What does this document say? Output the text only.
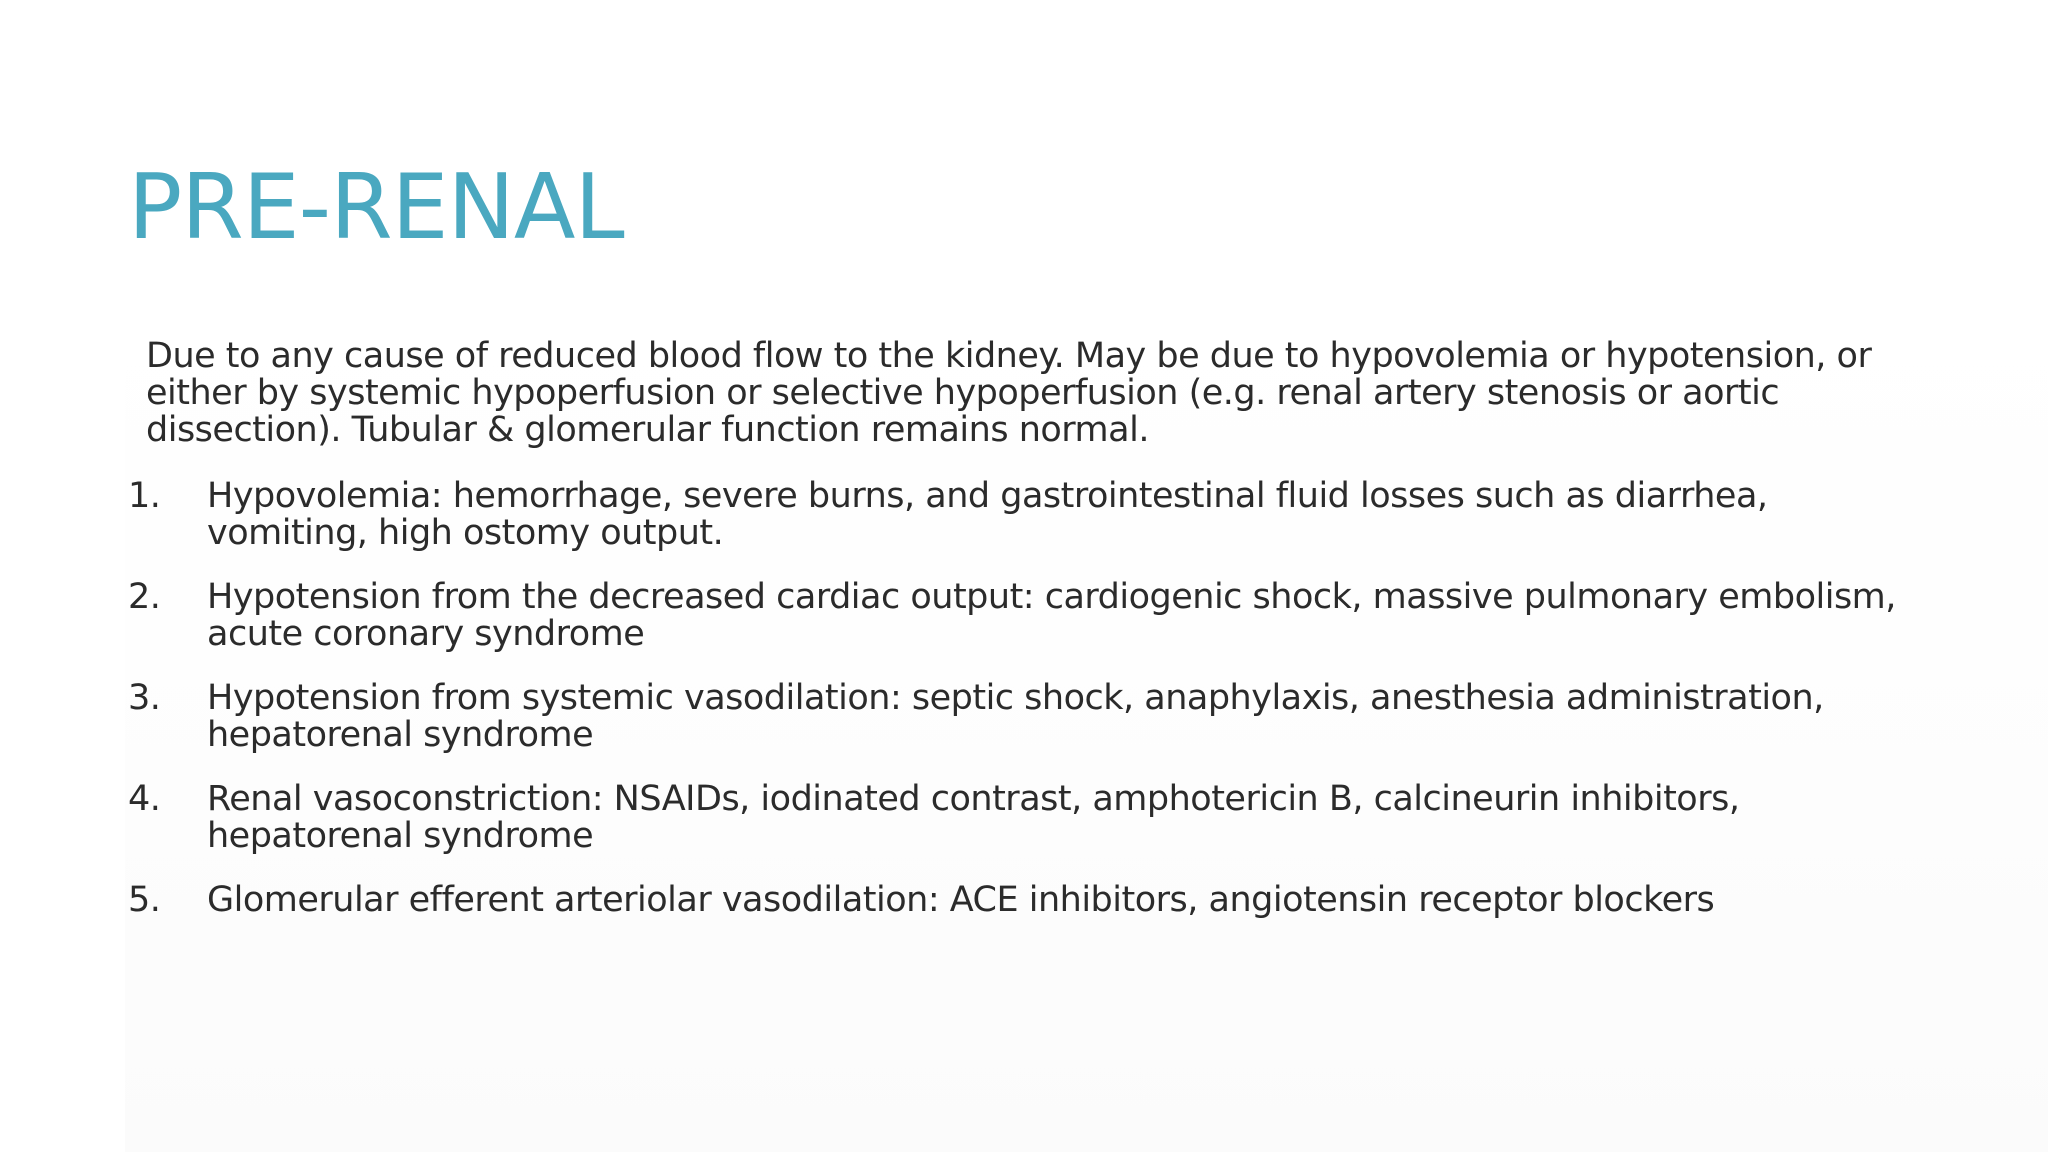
PRE-RENAL

Due to any cause of reduced blood flow to the kidney. May be due to hypovolemia or hypotension, or either by systemic hypoperfusion or selective hypoperfusion (e.g. renal artery stenosis or aortic dissection). Tubular & glomerular function remains normal.

1. Hypovolemia: hemorrhage, severe burns, and gastrointestinal fluid losses such as diarrhea, vomiting, high ostomy output.
2. Hypotension from the decreased cardiac output: cardiogenic shock, massive pulmonary embolism, acute coronary syndrome
3. Hypotension from systemic vasodilation: septic shock, anaphylaxis, anesthesia administration, hepatorenal syndrome
4. Renal vasoconstriction: NSAIDs, iodinated contrast, amphotericin B, calcineurin inhibitors, hepatorenal syndrome
5. Glomerular efferent arteriolar vasodilation: ACE inhibitors, angiotensin receptor blockers
